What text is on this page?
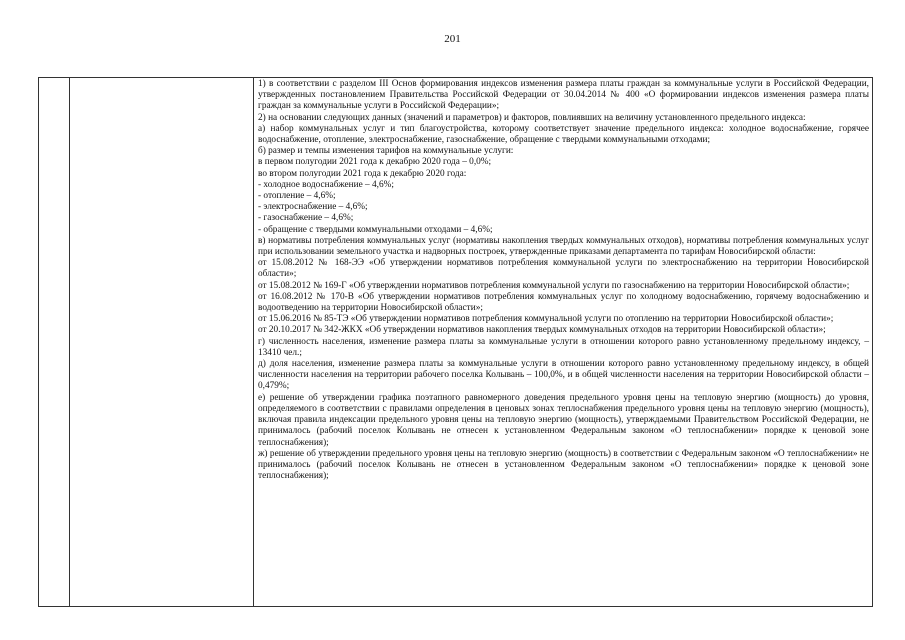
201

1) в соответствии с разделом III Основ формирования индексов изменения размера платы граждан за коммунальные услуги в Российской Федерации, утвержденных постановлением Правительства Российской Федерации от 30.04.2014 № 400 «О формировании индексов изменения размера платы граждан за коммунальные услуги в Российской Федерации»;

2) на основании следующих данных (значений и параметров) и факторов, повлиявших на величину установленного предельного индекса:

а) набор коммунальных услуг и тип благоустройства, которому соответствует значение предельного индекса: холодное водоснабжение, горячее водоснабжение, отопление, электроснабжение, газоснабжение, обращение с твердыми коммунальными отходами;

б) размер и темпы изменения тарифов на коммунальные услуги:

в первом полугодии 2021 года к декабрю 2020 года – 0,0%;

во втором полугодии 2021 года к декабрю 2020 года:

- холодное водоснабжение – 4,6%;

- отопление – 4,6%;

- электроснабжение – 4,6%;

- газоснабжение – 4,6%;

- обращение с твердыми коммунальными отходами – 4,6%;

в) нормативы потребления коммунальных услуг (нормативы накопления твердых коммунальных отходов), нормативы потребления коммунальных услуг при использовании земельного участка и надворных построек, утвержденные приказами департамента по тарифам Новосибирской области:

от 15.08.2012 № 168-ЭЭ «Об утверждении нормативов потребления коммунальной услуги по электроснабжению на территории Новосибирской области»;

от 15.08.2012 № 169-Г «Об утверждении нормативов потребления коммунальной услуги по газоснабжению на территории Новосибирской области»;

от 16.08.2012 № 170-В «Об утверждении нормативов потребления коммунальных услуг по холодному водоснабжению, горячему водоснабжению и водоотведению на территории Новосибирской области»;

от 15.06.2016 № 85-ТЭ «Об утверждении нормативов потребления коммунальной услуги по отоплению на территории Новосибирской области»;

от 20.10.2017 № 342-ЖКХ «Об утверждении нормативов накопления твердых коммунальных отходов на территории Новосибирской области»;

г) численность населения, изменение размера платы за коммунальные услуги в отношении которого равно установленному предельному индексу, – 13410 чел.;

д) доля населения, изменение размера платы за коммунальные услуги в отношении которого равно установленному предельному индексу, в общей численности населения на территории рабочего поселка Колывань – 100,0%, и в общей численности населения на территории Новосибирской области – 0,479%;

е) решение об утверждении графика поэтапного равномерного доведения предельного уровня цены на тепловую энергию (мощность) до уровня, определяемого в соответствии с правилами определения в ценовых зонах теплоснабжения предельного уровня цены на тепловую энергию (мощность), включая правила индексации предельного уровня цены на тепловую энергию (мощность), утверждаемыми Правительством Российской Федерации, не принималось (рабочий поселок Колывань не отнесен к установленном Федеральным законом «О теплоснабжении» порядке к ценовой зоне теплоснабжения);

ж) решение об утверждении предельного уровня цены на тепловую энергию (мощность) в соответствии с Федеральным законом «О теплоснабжении» не принималось (рабочий поселок Колывань не отнесен в установленном Федеральным законом «О теплоснабжении» порядке к ценовой зоне теплоснабжения);
